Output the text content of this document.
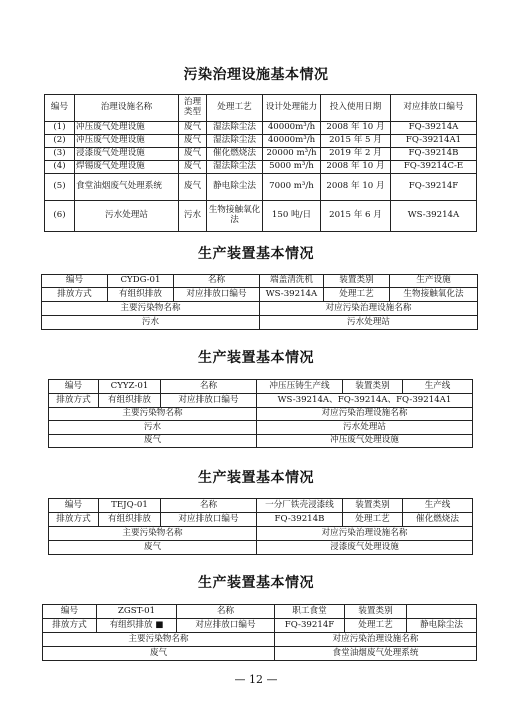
污染治理设施基本情况
编号	治理设施名称	治理类型	处理工艺	设计处理能力	投入使用日期	对应排放口编号
(1)	冲压废气处理设施	废气	湿法除尘法	40000m³/h	2008 年 10 月	FQ-39214A
(2)	冲压废气处理设施	废气	湿法除尘法	40000m³/h	2015 年 5 月	FQ-39214A1
(3)	浸漆废气处理设施	废气	催化燃烧法	20000 m³/h	2019 年 2 月	FQ-39214B
(4)	焊锡废气处理设施	废气	湿法除尘法	5000 m³/h	2008 年 10 月	FQ-39214C-E
(5)	食堂油烟废气处理系统	废气	静电除尘法	7000 m³/h	2008 年 10 月	FQ-39214F
(6)	污水处理站	污水	生物接触氧化法	150 吨/日	2015 年 6 月	WS-39214A
生产装置基本情况
编号	CYDG-01	名称	端盖清洗机	装置类别	生产设施
排放方式	有组织排放	对应排放口编号	WS-39214A	处理工艺	生物接触氧化法
主要污染物名称			对应污染治理设施名称		
污水			污水处理站		
生产装置基本情况
编号	CYYZ-01	名称	冲压压铸生产线	装置类别	生产线
排放方式	有组织排放	对应排放口编号	WS-39214A、FQ-39214A、FQ-39214A1		
主要污染物名称			对应污染治理设施名称		
污水			污水处理站		
废气			冲压废气处理设施		
生产装置基本情况
编号	TEJQ-01	名称	一分厂铁壳浸漆线	装置类别	生产线
排放方式	有组织排放	对应排放口编号	FQ-39214B	处理工艺	催化燃烧法
主要污染物名称			对应污染治理设施名称		
废气			浸漆废气处理设施		
生产装置基本情况
编号	ZGST-01	名称	职工食堂	装置类别	
排放方式	有组织排放 ■	对应排放口编号	FQ-39214F	处理工艺	静电除尘法
主要污染物名称			对应污染治理设施名称		
废气			食堂油烟废气处理系统		
— 12 —
